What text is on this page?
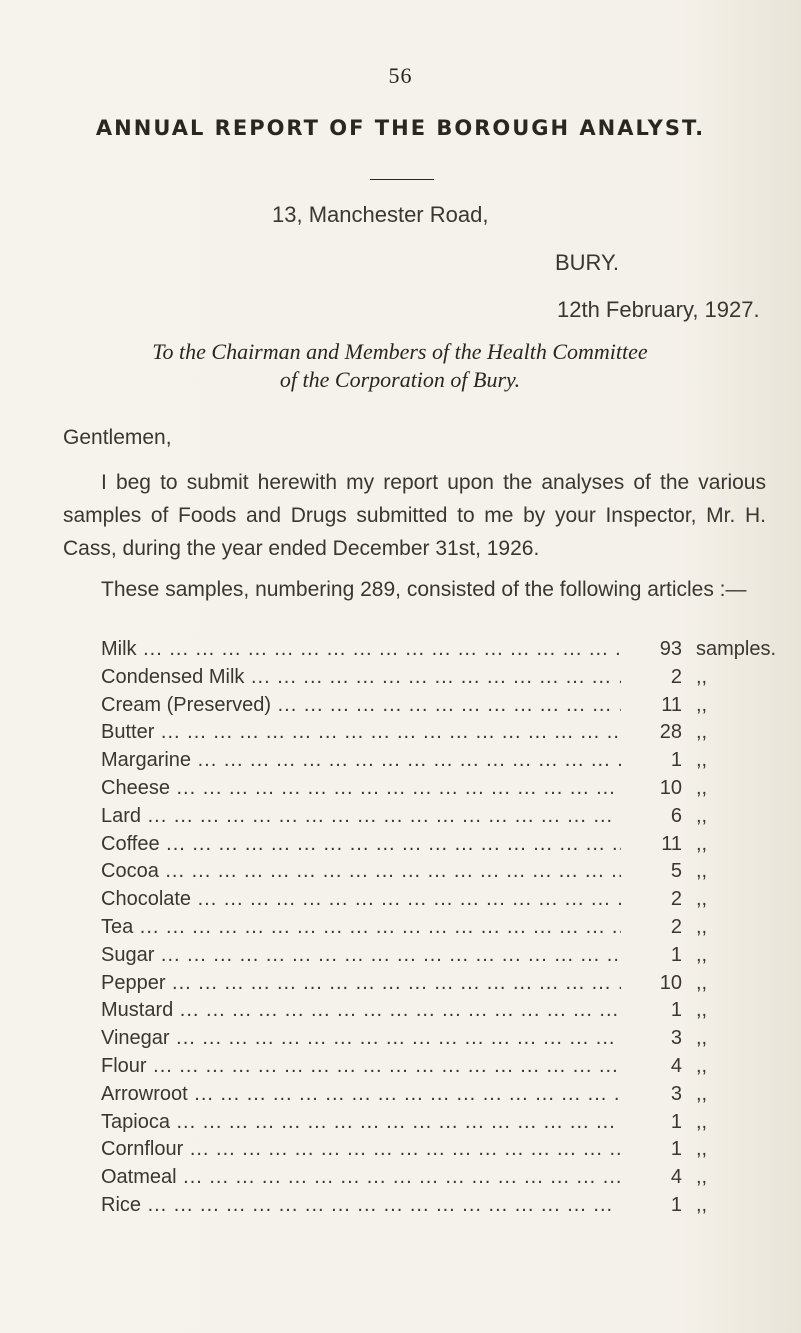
56
ANNUAL REPORT OF THE BOROUGH ANALYST.
13, Manchester Road,
BURY.
12th February, 1927.
To the Chairman and Members of the Health Committee
of the Corporation of Bury.
Gentlemen,
I beg to submit herewith my report upon the analyses of the various samples of Foods and Drugs submitted to me by your Inspector, Mr. H. Cass, during the year ended December 31st, 1926.
These samples, numbering 289, consisted of the following articles :—
Milk ... .	93 samples.
Condensed Milk ... .	2 ,,
Cream (Preserved) ... .	11 ,,
Butter ... .	28 ,,
Margarine ... .	1 ,,
Cheese ... .	10 ,,
Lard ... .	6 ,,
Coffee ... .	11 ,,
Cocoa ... .	5 ,,
Chocolate ... .	2 ,,
Tea ... .	2 ,,
Sugar ... .	1 ,,
Pepper ... .	10 ,,
Mustard ... .	1 ,,
Vinegar ... .	3 ,,
Flour ... .	4 ,,
Arrowroot ... .	3 ,,
Tapioca ... .	1 ,,
Cornflour ... .	1 ,,
Oatmeal ... .	4 ,,
Rice ... .	1 ,,
